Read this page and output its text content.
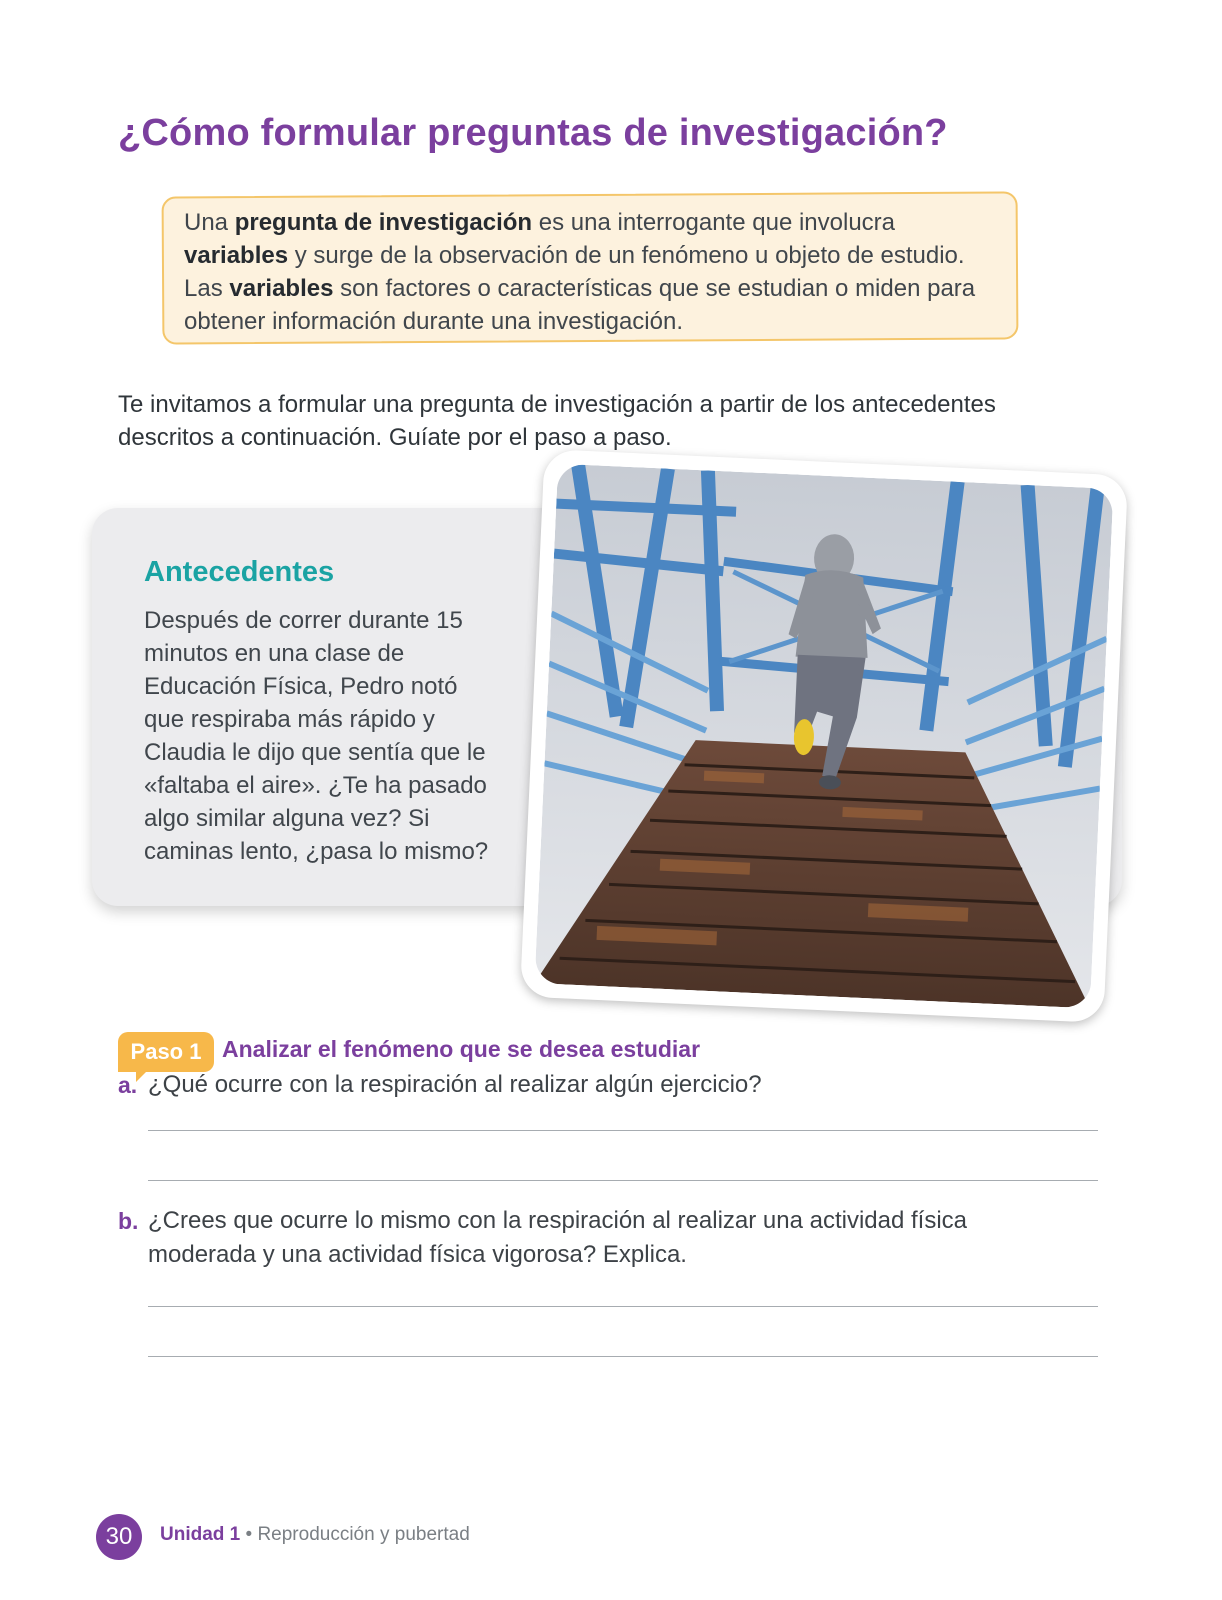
¿Cómo formular preguntas de investigación?

Una pregunta de investigación es una interrogante que involucra variables y surge de la observación de un fenómeno u objeto de estudio. Las variables son factores o características que se estudian o miden para obtener información durante una investigación.

Te invitamos a formular una pregunta de investigación a partir de los antecedentes descritos a continuación. Guíate por el paso a paso.

Antecedentes

Después de correr durante 15 minutos en una clase de Educación Física, Pedro notó que respiraba más rápido y Claudia le dijo que sentía que le «faltaba el aire». ¿Te ha pasado algo similar alguna vez? Si caminas lento, ¿pasa lo mismo?

Paso 1 Analizar el fenómeno que se desea estudiar
a. ¿Qué ocurre con la respiración al realizar algún ejercicio?

b. ¿Crees que ocurre lo mismo con la respiración al realizar una actividad física moderada y una actividad física vigorosa? Explica.

30	Unidad 1 • Reproducción y pubertad
